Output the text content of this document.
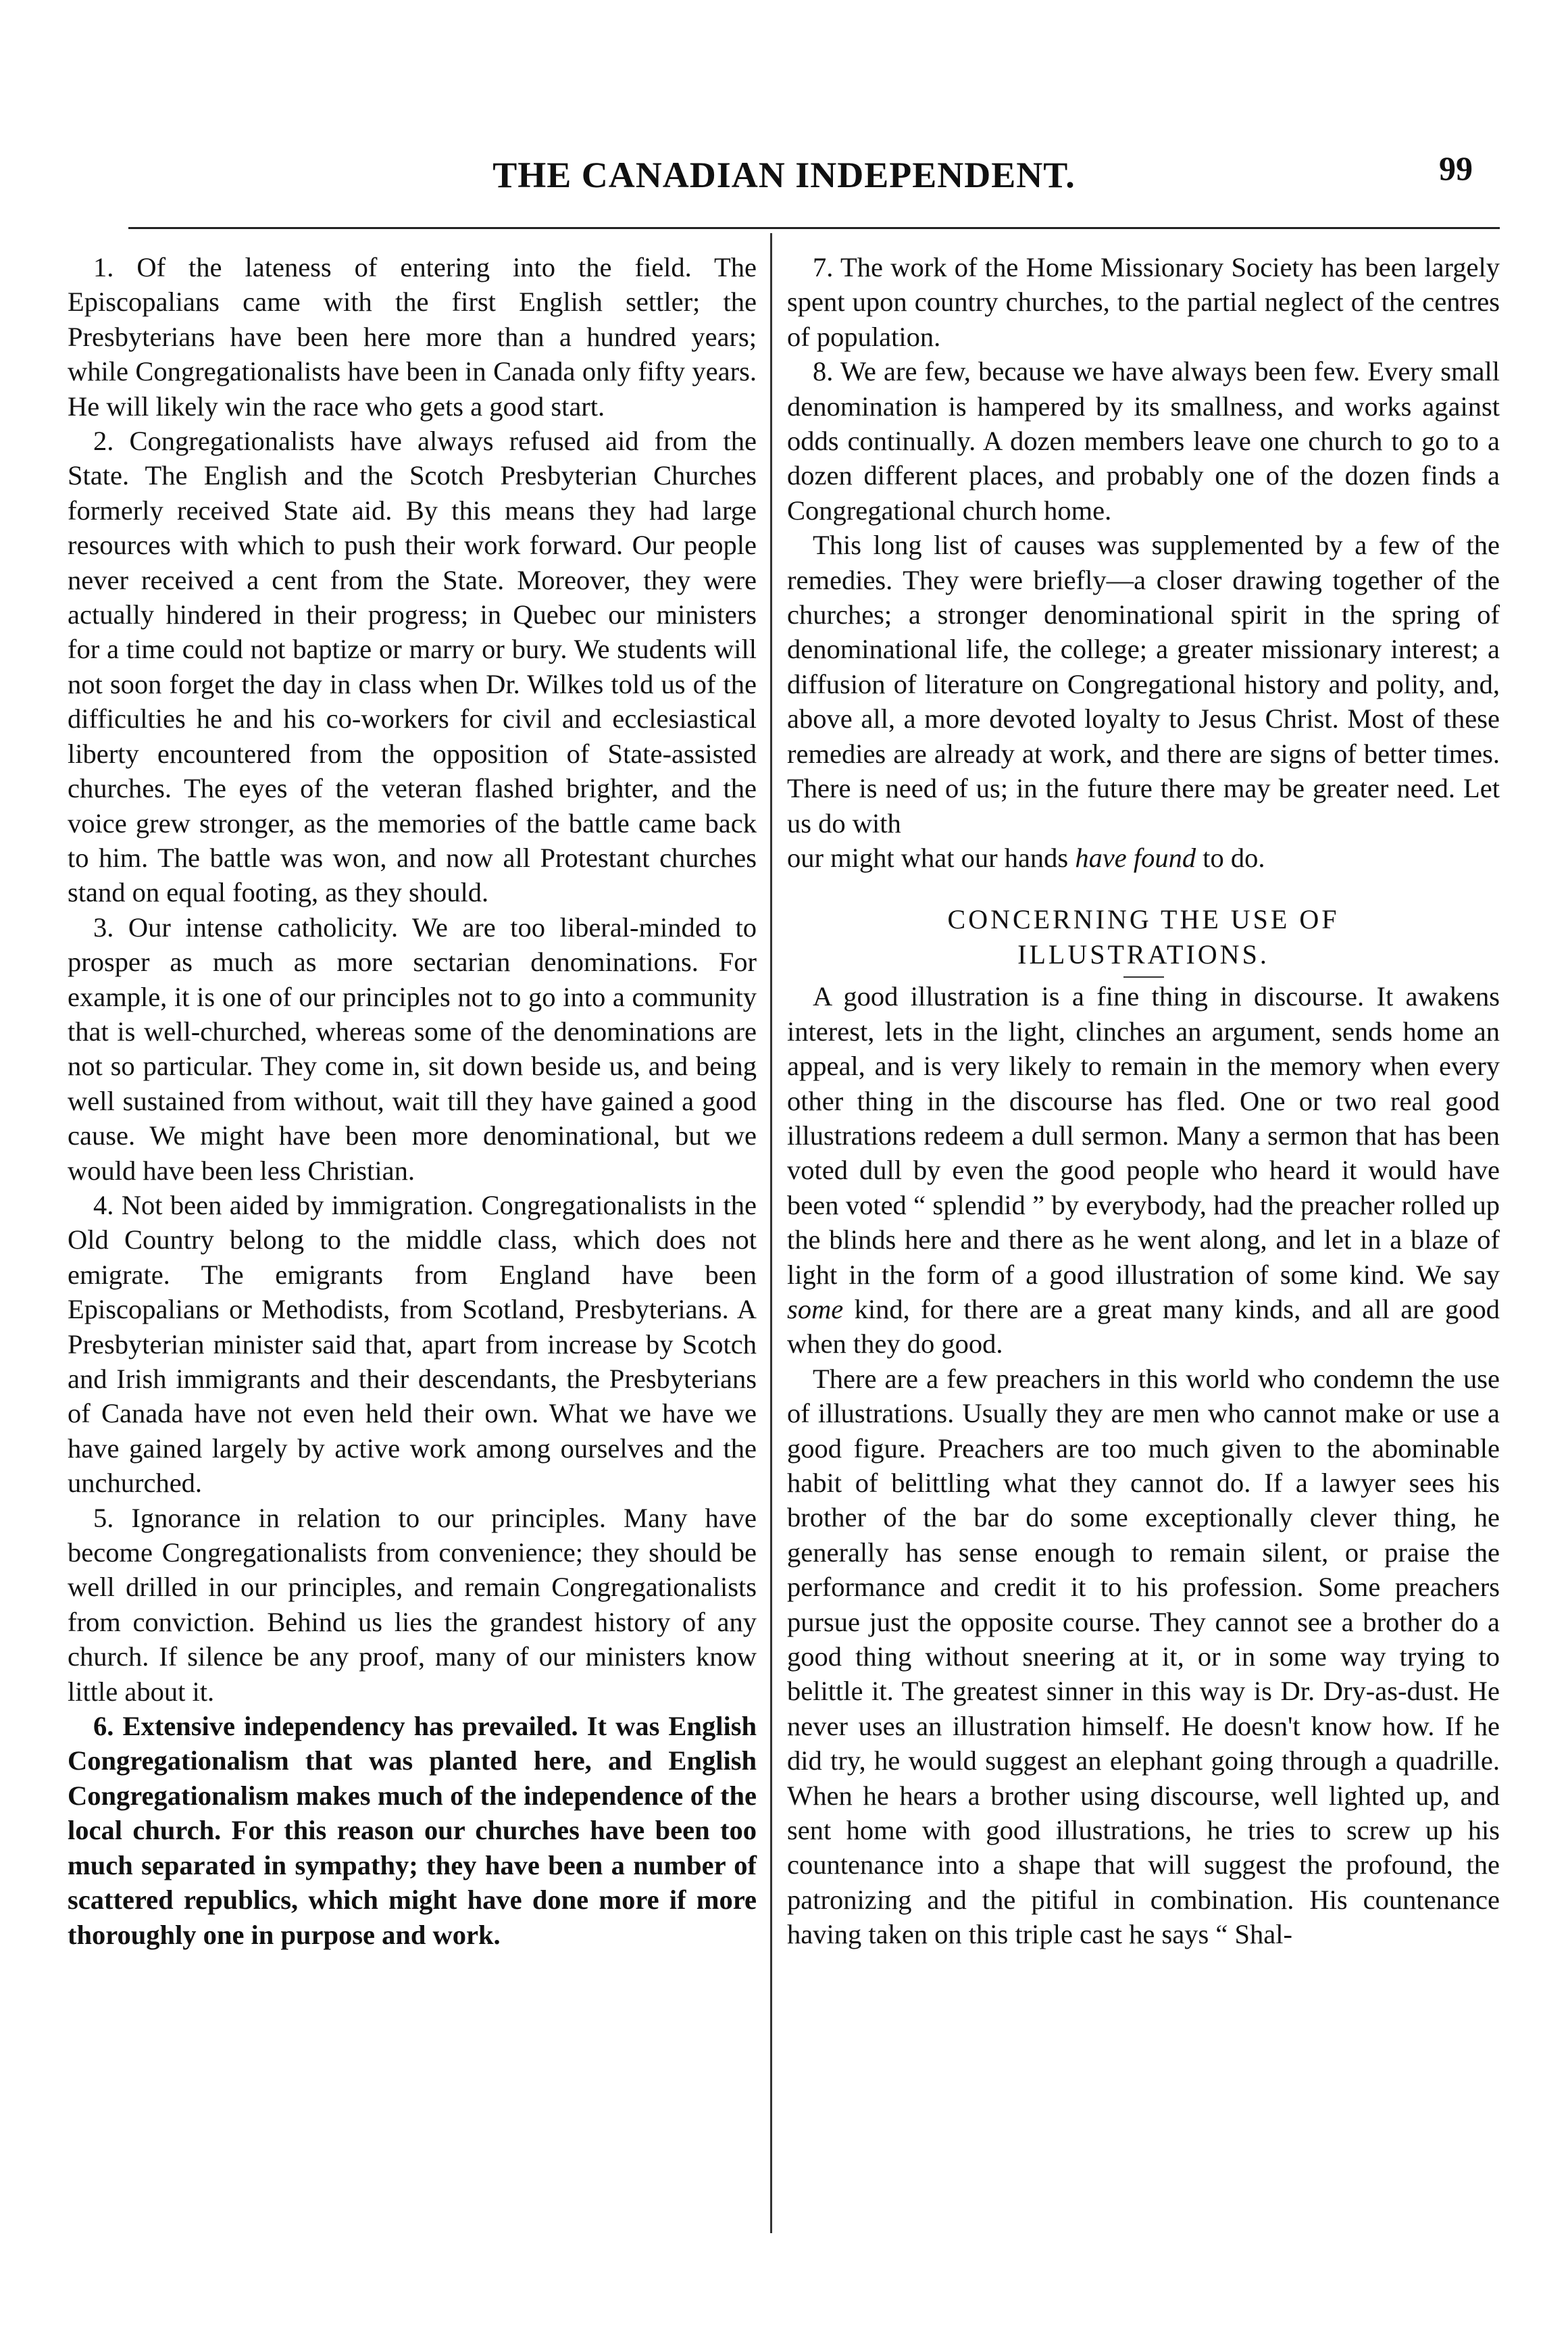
THE CANADIAN INDEPENDENT.	99

1. Of the lateness of entering into the field. The Episcopalians came with the first English settler; the Presbyterians have been here more than a hundred years; while Congregationalists have been in Canada only fifty years. He will likely win the race who gets a good start.

2. Congregationalists have always refused aid from the State. The English and the Scotch Presbyterian Churches formerly received State aid. By this means they had large resources with which to push their work forward. Our people never received a cent from the State. Moreover, they were actually hindered in their progress; in Quebec our ministers for a time could not baptize or marry or bury. We students will not soon forget the day in class when Dr. Wilkes told us of the difficulties he and his co-workers for civil and ecclesiastical liberty encountered from the opposition of State-assisted churches. The eyes of the veteran flashed brighter, and the voice grew stronger, as the memories of the battle came back to him. The battle was won, and now all Protestant churches stand on equal footing, as they should.

3. Our intense catholicity. We are too liberal-minded to prosper as much as more sectarian denominations. For example, it is one of our principles not to go into a community that is well-churched, whereas some of the denominations are not so particular. They come in, sit down beside us, and being well sustained from without, wait till they have gained a good cause. We might have been more denominational, but we would have been less Christian.

4. Not been aided by immigration. Congregationalists in the Old Country belong to the middle class, which does not emigrate. The emigrants from England have been Episcopalians or Methodists, from Scotland, Presbyterians. A Presbyterian minister said that, apart from increase by Scotch and Irish immigrants and their descendants, the Presbyterians of Canada have not even held their own. What we have we have gained largely by active work among ourselves and the unchurched.

5. Ignorance in relation to our principles. Many have become Congregationalists from convenience; they should be well drilled in our principles, and remain Congregationalists from conviction. Behind us lies the grandest history of any church. If silence be any proof, many of our ministers know little about it.

6. Extensive independency has prevailed. It was English Congregationalism that was planted here, and English Congregationalism makes much of the independence of the local church. For this reason our churches have been too much separated in sympathy; they have been a number of scattered republics, which might have done more if more thoroughly one in purpose and work.

7. The work of the Home Missionary Society has been largely spent upon country churches, to the partial neglect of the centres of population.

8. We are few, because we have always been few. Every small denomination is hampered by its smallness, and works against odds continually. A dozen members leave one church to go to a dozen different places, and probably one of the dozen finds a Congregational church home.

This long list of causes was supplemented by a few of the remedies. They were briefly—a closer drawing together of the churches; a stronger denominational spirit in the spring of denominational life, the college; a greater missionary interest; a diffusion of literature on Congregational history and polity, and, above all, a more devoted loyalty to Jesus Christ. Most of these remedies are already at work, and there are signs of better times. There is need of us; in the future there may be greater need. Let us do with

our might what our hands have found to do.

CONCERNING THE USE OF
ILLUSTRATIONS.

A good illustration is a fine thing in discourse. It awakens interest, lets in the light, clinches an argument, sends home an appeal, and is very likely to remain in the memory when every other thing in the discourse has fled. One or two real good illustrations redeem a dull sermon. Many a sermon that has been voted dull by even the good people who heard it would have been voted “ splendid ” by everybody, had the preacher rolled up the blinds here and there as he went along, and let in a blaze of light in the form of a good illustration of some kind. We say some kind, for there are a great many kinds, and all are good when they do good.

There are a few preachers in this world who condemn the use of illustrations. Usually they are men who cannot make or use a good figure. Preachers are too much given to the abominable habit of belittling what they cannot do. If a lawyer sees his brother of the bar do some exceptionally clever thing, he generally has sense enough to remain silent, or praise the performance and credit it to his profession. Some preachers pursue just the opposite course. They cannot see a brother do a good thing without sneering at it, or in some way trying to belittle it. The greatest sinner in this way is Dr. Dry-as-dust. He never uses an illustration himself. He doesn't know how. If he did try, he would suggest an elephant going through a quadrille. When he hears a brother using discourse, well lighted up, and sent home with good illustrations, he tries to screw up his countenance into a shape that will suggest the profound, the patronizing and the pitiful in combination. His countenance having taken on this triple cast he says “ Shal-
